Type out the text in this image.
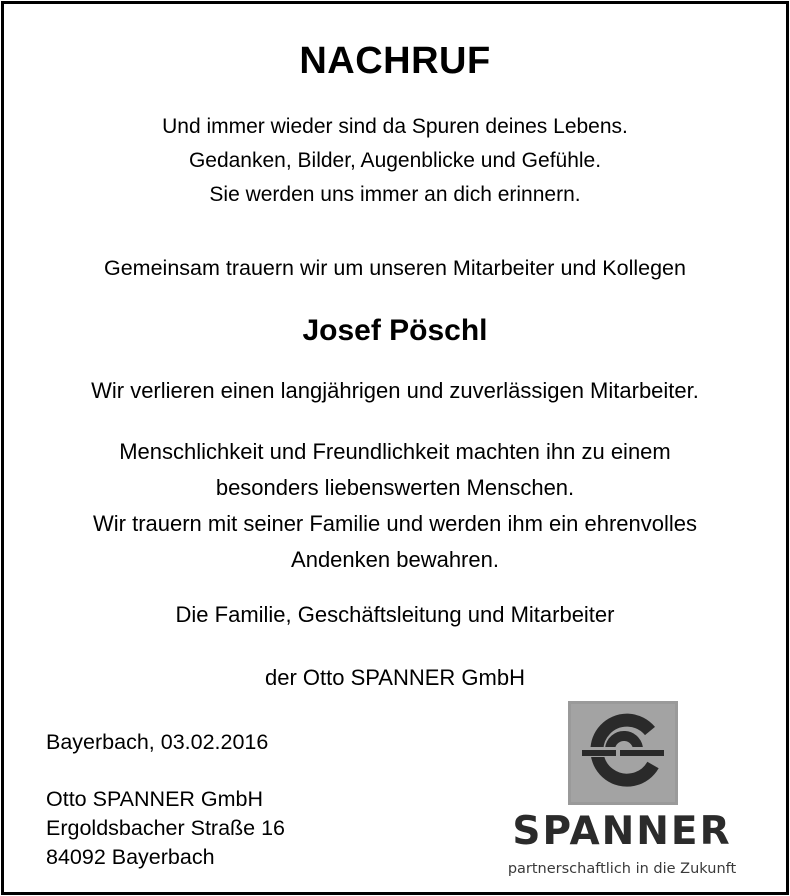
NACHRUF
Und immer wieder sind da Spuren deines Lebens.
Gedanken, Bilder, Augenblicke und Gefühle.
Sie werden uns immer an dich erinnern.
Gemeinsam trauern wir um unseren Mitarbeiter und Kollegen
Josef Pöschl
Wir verlieren einen langjährigen und zuverlässigen Mitarbeiter.
Menschlichkeit und Freundlichkeit machten ihn zu einem
besonders liebenswerten Menschen.
Wir trauern mit seiner Familie und werden ihm ein ehrenvolles
Andenken bewahren.
Die Familie, Geschäftsleitung und Mitarbeiter
der Otto SPANNER GmbH
Bayerbach, 03.02.2016
Otto SPANNER GmbH
Ergoldsbacher Straße 16
84092 Bayerbach
SPANNER
partnerschaftlich in die Zukunft
